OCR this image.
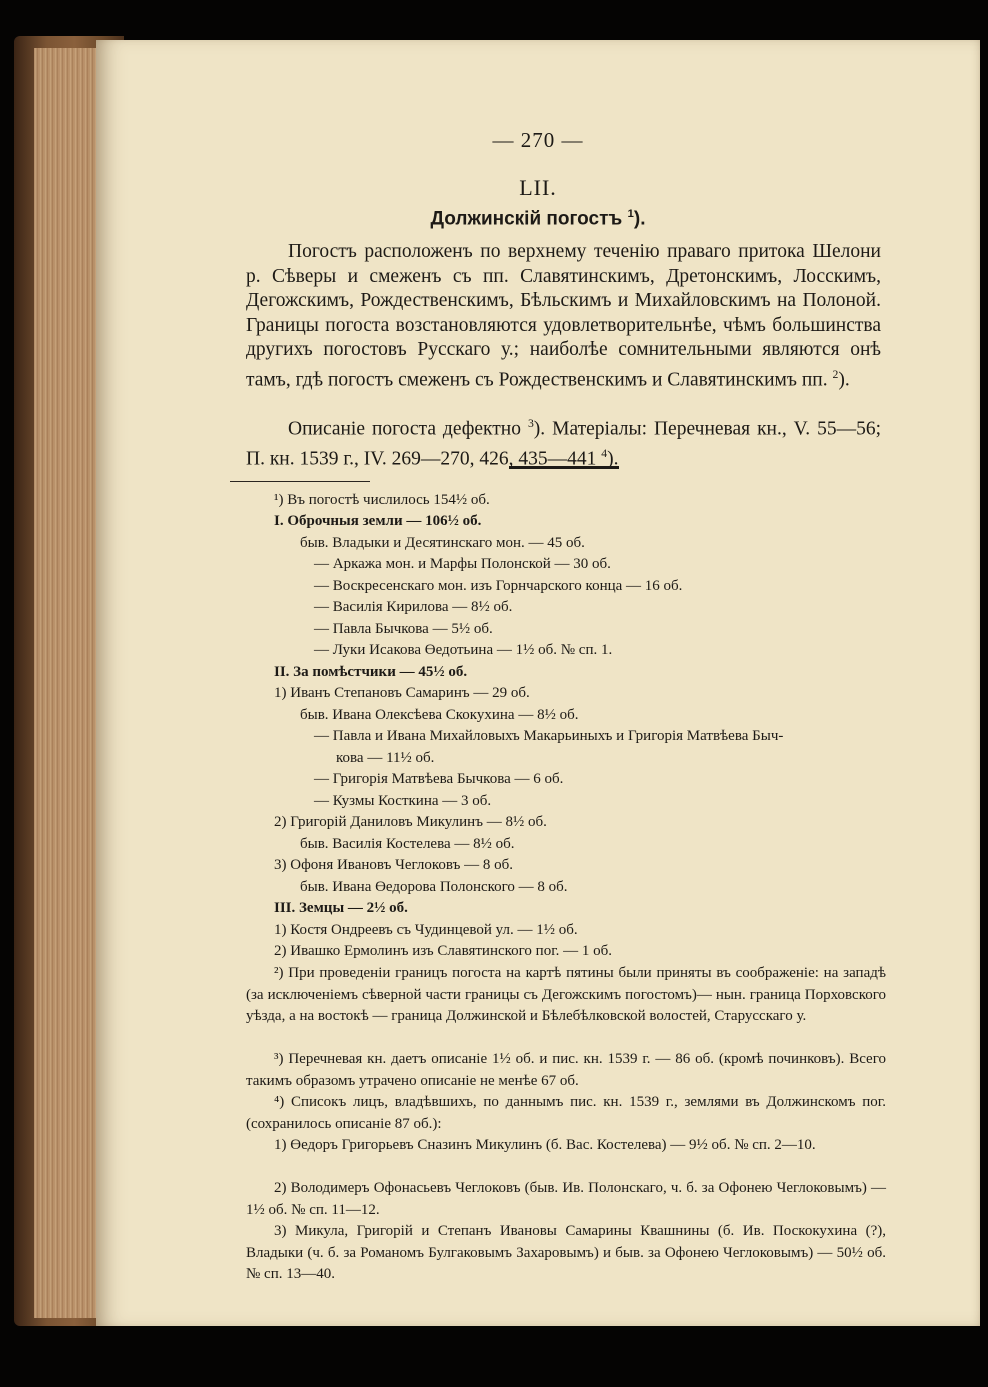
— 270 —
LII.
Должинскій погостъ $^1$).
Погостъ расположенъ по верхнему теченію праваго притока Шелони р. Сѣверы и смеженъ съ пп. Славятинскимъ, Дретонскимъ, Лосскимъ, Дегожскимъ, Рождественскимъ, Бѣльскимъ и Михайловскимъ на Полоной. Границы погоста возстановляются удовлетворительнѣе, чѣмъ большинства другихъ погостовъ Русскаго у.; наиболѣе сомнительными являются онѣ тамъ, гдѣ погостъ смеженъ съ Рождественскимъ и Славятинскимъ пп. $^2$).
Описаніе погоста дефектно $^3$). Матеріалы: Перечневая кн., V. 55—56; П. кн. 1539 г., IV. 269—270, 426, 435—441 $^4$).
¹) Въ погостѣ числилось 154½ об.
I. Оброчныя земли — 106½ об.
быв. Владыки и Десятинскаго мон. — 45 об.
— Аркажа мон. и Марфы Полонской — 30 об.
— Воскресенскаго мон. изъ Горнчарского конца — 16 об.
— Василія Кирилова — 8½ об.
— Павла Бычкова — 5½ об.
— Луки Исакова Өедотьина — 1½ об. № сп. 1.
II. За помѣстчики — 45½ об.
1) Иванъ Степановъ Самаринъ — 29 об.
быв. Ивана Олексѣева Скокухина — 8½ об.
— Павла и Ивана Михайловыхъ Макарьиныхъ и Григорія Матвѣева Быч-
кова — 11½ об.
— Григорія Матвѣева Бычкова — 6 об.
— Кузмы Косткина — 3 об.
2) Григорій Даниловъ Микулинъ — 8½ об.
быв. Василія Костелева — 8½ об.
3) Офоня Ивановъ Чеглоковъ — 8 об.
быв. Ивана Өедорова Полонского — 8 об.
III. Земцы — 2½ об.
1) Костя Ондреевъ съ Чудинцевой ул. — 1½ об.
2) Ивашко Ермолинъ изъ Славятинского пог. — 1 об.
²) При проведеніи границъ погоста на картѣ пятины были приняты въ соображеніе: на западѣ (за исключеніемъ сѣверной части границы съ Дегожскимъ погостомъ)— нын. граница Порховского уѣзда, а на востокѣ — граница Должинской и Бѣлебѣлковской волостей, Старусскаго у.
³) Перечневая кн. даетъ описаніе 1½ об. и пис. кн. 1539 г. — 86 об. (кромѣ починковъ). Всего такимъ образомъ утрачено описаніе не менѣе 67 об.
⁴) Списокъ лицъ, владѣвшихъ, по даннымъ пис. кн. 1539 г., землями въ Должинскомъ пог. (сохранилось описаніе 87 об.):
1) Өедоръ Григорьевъ Сназинъ Микулинъ (б. Вас. Костелева) — 9½ об. № сп. 2—10.
2) Володимеръ Офонасьевъ Чеглоковъ (быв. Ив. Полонскаго, ч. б. за Офонею Чеглоковымъ) — 1½ об. № сп. 11—12.
3) Микула, Григорій и Степанъ Ивановы Самарины Квашнины (б. Ив. Поскокухина (?), Владыки (ч. б. за Романомъ Булгаковымъ Захаровымъ) и быв. за Офонею Чеглоковымъ) — 50½ об. № сп. 13—40.
